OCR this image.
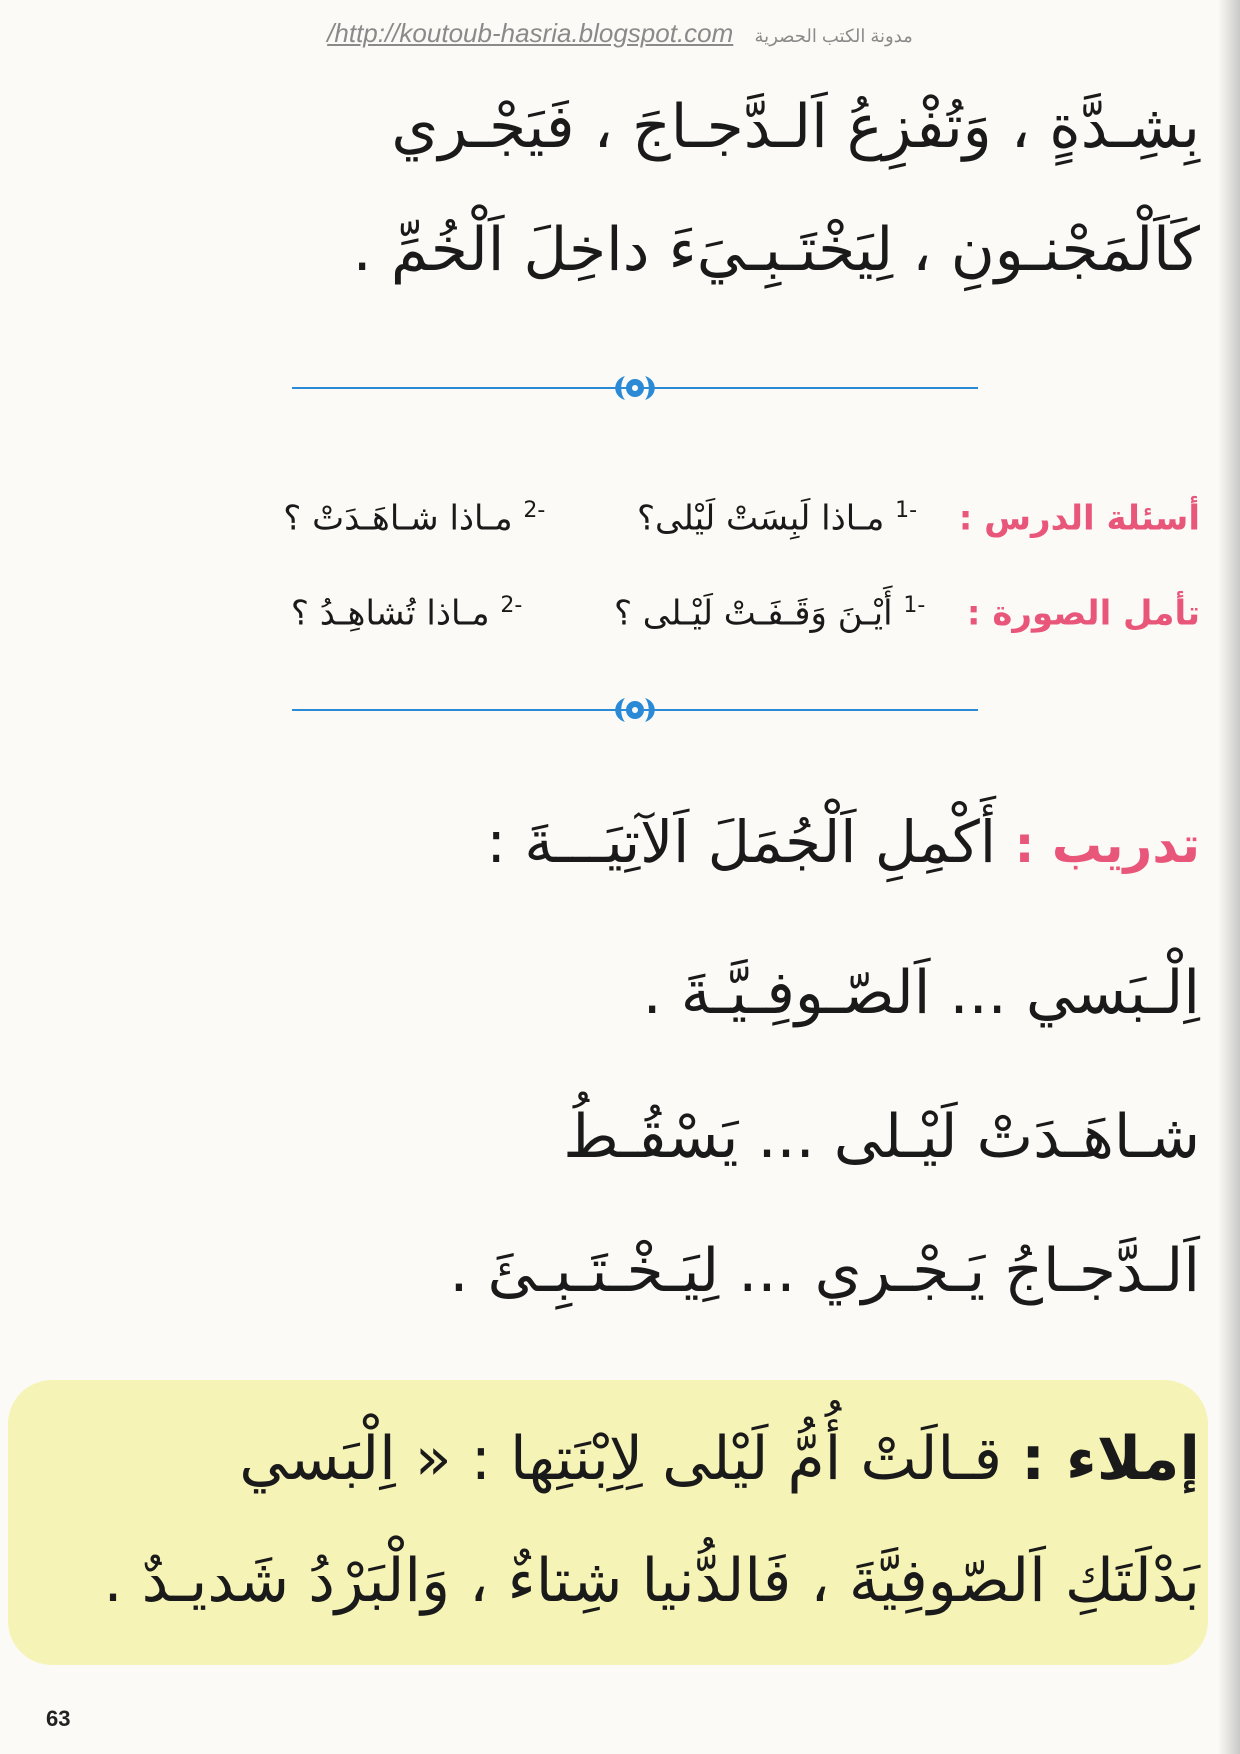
/http://koutoub-hasria.blogspot.com مدونة الكتب الحصرية
بِشِـدَّةٍ ، وَتُفْزِعُ اَلـدَّجـاجَ ، فَيَجْـري
كَاَلْمَجْنـونِ ، لِيَخْتَـبِـيَ‌ءَ داخِلَ اَلْخُمِّ .
أسئلة الدرس :  $^{-1}$ مـاذا لَبِسَتْ لَيْلى؟  $^{-2}$ مـاذا شـاهَـدَتْ ؟
تأمل الصورة :  $^{-1}$ أَيْـنَ وَقَـفَـتْ لَيْـلى ؟  $^{-2}$ مـاذا تُشاهِـدُ ؟
تدريب : أَكْمِلِ اَلْجُمَلَ اَلآتِيَـــةَ :
اِلْـبَسي ... اَلصّـوفِـيَّـةَ .
شـاهَـدَتْ لَيْـلى ... يَسْقُـطُ
اَلـدَّجـاجُ يَـجْـري ... لِيَـخْـتَـبِـئَ .
إملاء : قـالَتْ أُمُّ لَيْلى لِاِبْنَتِها : « اِلْبَسي
بَدْلَتَكِ اَلصّوفِيَّةَ ، فَالدُّنيا شِتاءٌ ، وَالْبَرْدُ شَديـدٌ .
63
